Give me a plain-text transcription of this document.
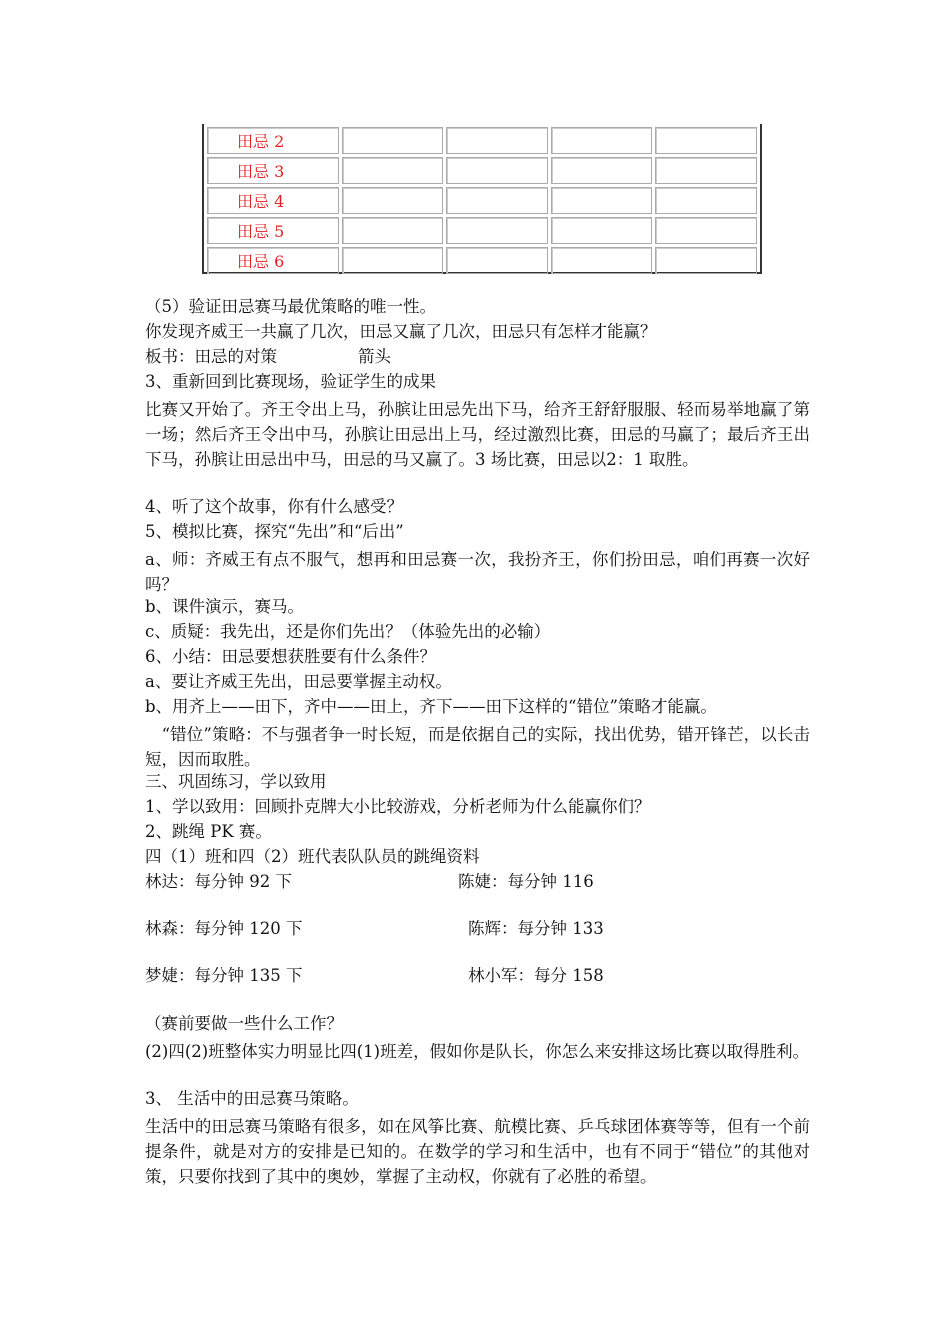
田忌 2				
田忌 3				
田忌 4				
田忌 5				
田忌 6				
（5）验证田忌赛马最优策略的唯一性。
你发现齐威王一共赢了几次，田忌又赢了几次，田忌只有怎样才能赢？
板书：田忌的对策	箭头
3、重新回到比赛现场，验证学生的成果
比赛又开始了。齐王令出上马，孙膑让田忌先出下马，给齐王舒舒服服、轻而易举地赢了第一场；然后齐王令出中马，孙膑让田忌出上马，经过激烈比赛，田忌的马赢了；最后齐王出下马，孙膑让田忌出中马，田忌的马又赢了。3 场比赛，田忌以2：1 取胜。
4、听了这个故事，你有什么感受？
5、模拟比赛，探究“先出”和“后出”
a、师：齐威王有点不服气，想再和田忌赛一次，我扮齐王，你们扮田忌，咱们再赛一次好吗？
b、课件演示，赛马。
c、质疑：我先出，还是你们先出？（体验先出的必输）
6、小结：田忌要想获胜要有什么条件？
a、要让齐威王先出，田忌要掌握主动权。
b、用齐上——田下，齐中——田上，齐下——田下这样的“错位”策略才能赢。
　“错位”策略：不与强者争一时长短，而是依据自己的实际，找出优势，错开锋芒，以长击短，因而取胜。
三、巩固练习，学以致用
1、学以致用：回顾扑克牌大小比较游戏，分析老师为什么能赢你们？
2、跳绳 PK 赛。
四（1）班和四（2）班代表队队员的跳绳资料
林达：每分钟 92 下	陈婕：每分钟 116
林森：每分钟 120 下	陈辉：每分钟 133
梦婕：每分钟 135 下	林小军：每分 158
（赛前要做一些什么工作？
(2)四(2)班整体实力明显比四(1)班差，假如你是队长，你怎么来安排这场比赛以取得胜利。
3、 生活中的田忌赛马策略。
生活中的田忌赛马策略有很多，如在风筝比赛、航模比赛、乒乓球团体赛等等，但有一个前提条件，就是对方的安排是已知的。在数学的学习和生活中，也有不同于“错位”的其他对策，只要你找到了其中的奥妙，掌握了主动权，你就有了必胜的希望。
